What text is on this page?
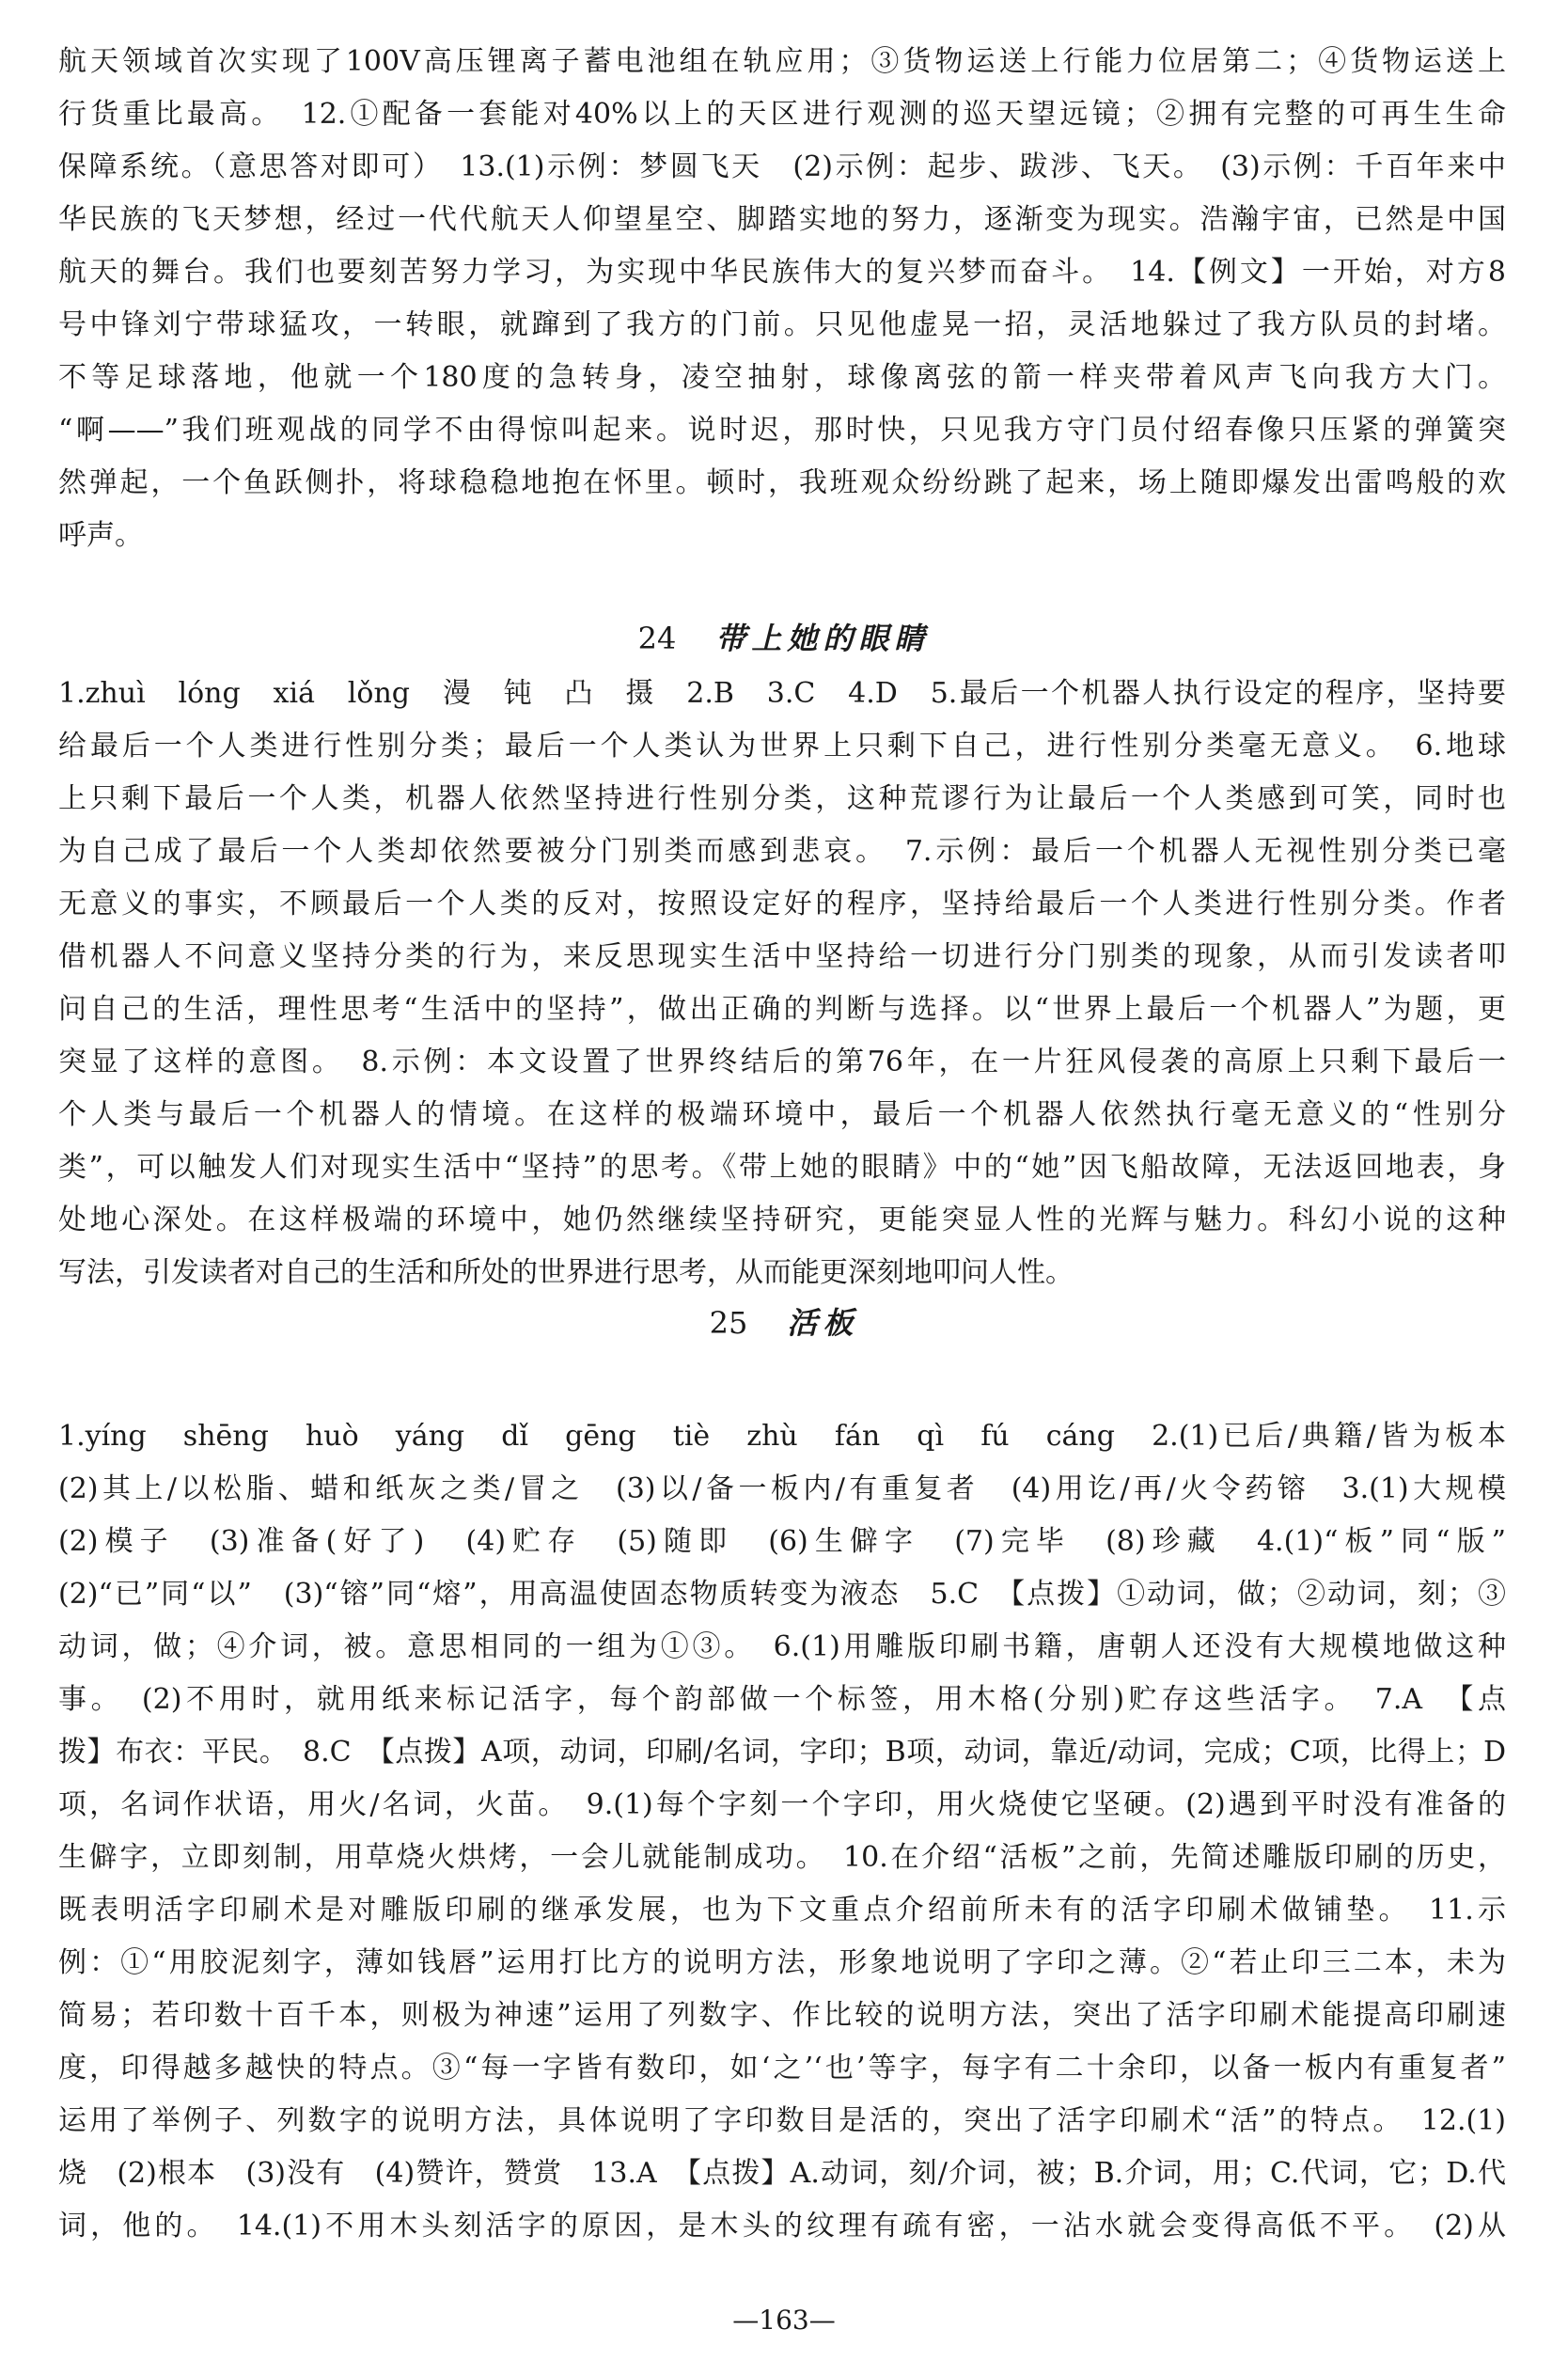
航天领域首次实现了100V高压锂离子蓄电池组在轨应用；③货物运送上行能力位居第二；④货物运送上
行货重比最高。　12.①配备一套能对40%以上的天区进行观测的巡天望远镜；②拥有完整的可再生生命
保障系统。（意思答对即可）　13.(1)示例：梦圆飞天　(2)示例：起步、跋涉、飞天。　(3)示例：千百年来中
华民族的飞天梦想，经过一代代航天人仰望星空、脚踏实地的努力，逐渐变为现实。浩瀚宇宙，已然是中国
航天的舞台。我们也要刻苦努力学习，为实现中华民族伟大的复兴梦而奋斗。　14.【例文】一开始，对方8
号中锋刘宁带球猛攻，一转眼，就蹿到了我方的门前。只见他虚晃一招，灵活地躲过了我方队员的封堵。
不等足球落地，他就一个180度的急转身，凌空抽射，球像离弦的箭一样夹带着风声飞向我方大门。
“啊——”我们班观战的同学不由得惊叫起来。说时迟，那时快，只见我方守门员付绍春像只压紧的弹簧突
然弹起，一个鱼跃侧扑，将球稳稳地抱在怀里。顿时，我班观众纷纷跳了起来，场上随即爆发出雷鸣般的欢
呼声。
24 带上她的眼睛
1.zhuì　lóng　xiá　lǒng　漫　钝　凸　摄　2.B　3.C　4.D　5.最后一个机器人执行设定的程序，坚持要
给最后一个人类进行性别分类；最后一个人类认为世界上只剩下自己，进行性别分类毫无意义。　6.地球
上只剩下最后一个人类，机器人依然坚持进行性别分类，这种荒谬行为让最后一个人类感到可笑，同时也
为自己成了最后一个人类却依然要被分门别类而感到悲哀。　7.示例：最后一个机器人无视性别分类已毫
无意义的事实，不顾最后一个人类的反对，按照设定好的程序，坚持给最后一个人类进行性别分类。作者
借机器人不问意义坚持分类的行为，来反思现实生活中坚持给一切进行分门别类的现象，从而引发读者叩
问自己的生活，理性思考“生活中的坚持”，做出正确的判断与选择。以“世界上最后一个机器人”为题，更
突显了这样的意图。　8.示例：本文设置了世界终结后的第76年，在一片狂风侵袭的高原上只剩下最后一
个人类与最后一个机器人的情境。在这样的极端环境中，最后一个机器人依然执行毫无意义的“性别分
类”，可以触发人们对现实生活中“坚持”的思考。《带上她的眼睛》中的“她”因飞船故障，无法返回地表，身
处地心深处。在这样极端的环境中，她仍然继续坚持研究，更能突显人性的光辉与魅力。科幻小说的这种
写法，引发读者对自己的生活和所处的世界进行思考，从而能更深刻地叩问人性。
25 活板
1.yíng　shēng　huò　yáng　dǐ　gēng　tiè　zhù　fán　qì　fú　cáng　2.(1)已后/典籍/皆为板本
(2)其上/以松脂、蜡和纸灰之类/冒之　(3)以/备一板内/有重复者　(4)用讫/再/火令药镕　3.(1)大规模
(2)模子　(3)准备(好了)　(4)贮存　(5)随即　(6)生僻字　(7)完毕　(8)珍藏　4.(1)“板”同“版”
(2)“已”同“以”　(3)“镕”同“熔”，用高温使固态物质转变为液态　5.C　【点拨】①动词，做；②动词，刻；③
动词，做；④介词，被。意思相同的一组为①③。　6.(1)用雕版印刷书籍，唐朝人还没有大规模地做这种
事。　(2)不用时，就用纸来标记活字，每个韵部做一个标签，用木格(分别)贮存这些活字。　7.A　【点
拨】布衣：平民。　8.C　【点拨】A项，动词，印刷/名词，字印；B项，动词，靠近/动词，完成；C项，比得上；D
项，名词作状语，用火/名词，火苗。　9.(1)每个字刻一个字印，用火烧使它坚硬。(2)遇到平时没有准备的
生僻字，立即刻制，用草烧火烘烤，一会儿就能制成功。　10.在介绍“活板”之前，先简述雕版印刷的历史，
既表明活字印刷术是对雕版印刷的继承发展，也为下文重点介绍前所未有的活字印刷术做铺垫。　11.示
例：①“用胶泥刻字，薄如钱唇”运用打比方的说明方法，形象地说明了字印之薄。②“若止印三二本，未为
简易；若印数十百千本，则极为神速”运用了列数字、作比较的说明方法，突出了活字印刷术能提高印刷速
度，印得越多越快的特点。③“每一字皆有数印，如‘之’‘也’等字，每字有二十余印，以备一板内有重复者”
运用了举例子、列数字的说明方法，具体说明了字印数目是活的，突出了活字印刷术“活”的特点。　12.(1)
烧　(2)根本　(3)没有　(4)赞许，赞赏　13.A　【点拨】A.动词，刻/介词，被；B.介词，用；C.代词，它；D.代
词，他的。　14.(1)不用木头刻活字的原因，是木头的纹理有疏有密，一沾水就会变得高低不平。　(2)从
—163—
